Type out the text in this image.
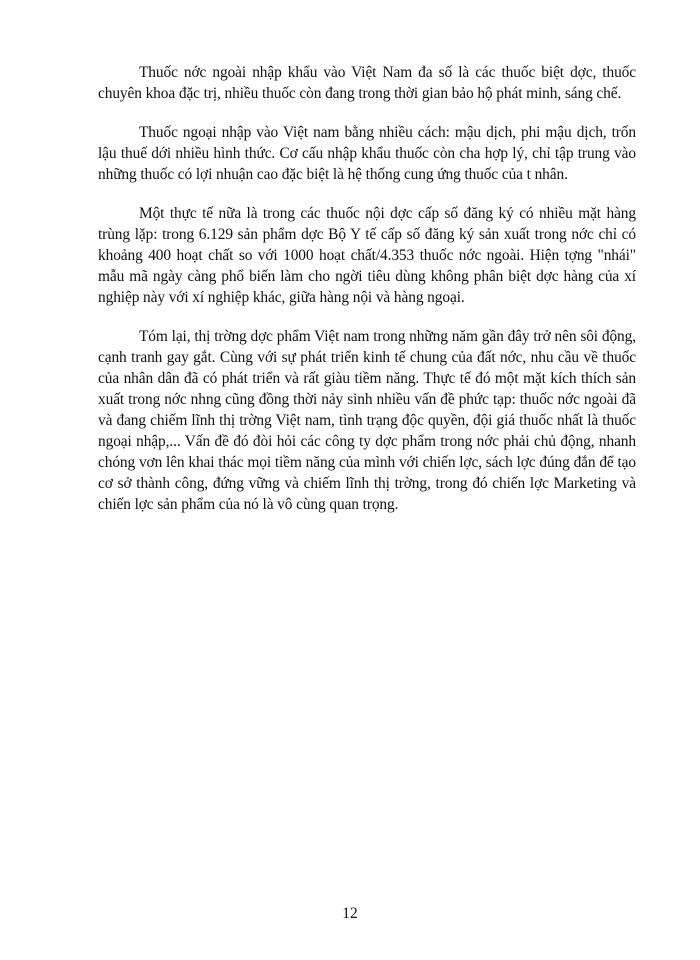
Thuốc nớc ngoài nhập khẩu vào Việt Nam đa số là các thuốc biệt dợc, thuốc chuyên khoa đặc trị, nhiều thuốc còn đang trong thời gian bảo hộ phát minh, sáng chế.

Thuốc ngoại nhập vào Việt nam bằng nhiều cách: mậu dịch, phi mậu dịch, trốn lậu thuế dới nhiều hình thức. Cơ cấu nhập khẩu thuốc còn cha hợp lý, chỉ tập trung vào những thuốc có lợi nhuận cao đặc biệt là hệ thống cung ứng thuốc của t nhân.

Một thực tế nữa là trong các thuốc nội dợc cấp số đăng ký có nhiều mặt hàng trùng lặp: trong 6.129 sản phẩm dợc Bộ Y tế cấp số đăng ký sản xuất trong nớc chỉ có khoảng 400 hoạt chất so với 1000 hoạt chất/4.353 thuốc nớc ngoài. Hiện tợng "nhái" mẫu mã ngày càng phổ biến làm cho ngời tiêu dùng không phân biệt dợc hàng của xí nghiệp này với xí nghiệp khác, giữa hàng nội và hàng ngoại.

Tóm lại, thị trờng dợc phẩm Việt nam trong những năm gần đây trở nên sôi động, cạnh tranh gay gắt. Cùng với sự phát triển kinh tế chung của đất nớc, nhu cầu về thuốc của nhân dân đã có phát triển và rất giàu tiềm năng. Thực tế đó một mặt kích thích sản xuất trong nớc nhng cũng đồng thời nảy sinh nhiều vấn đề phức tạp: thuốc nớc ngoài đã và đang chiếm lĩnh thị trờng Việt nam, tình trạng độc quyền, đội giá thuốc nhất là thuốc ngoại nhập,... Vấn đề đó đòi hỏi các công ty dợc phẩm trong nớc phải chủ động, nhanh chóng vơn lên khai thác mọi tiềm năng của mình với chiến lợc, sách lợc đúng đắn để tạo cơ sở thành công, đứng vững và chiếm lĩnh thị trờng, trong đó chiến lợc Marketing và chiến lợc sản phẩm của nó là vô cùng quan trọng.

12
